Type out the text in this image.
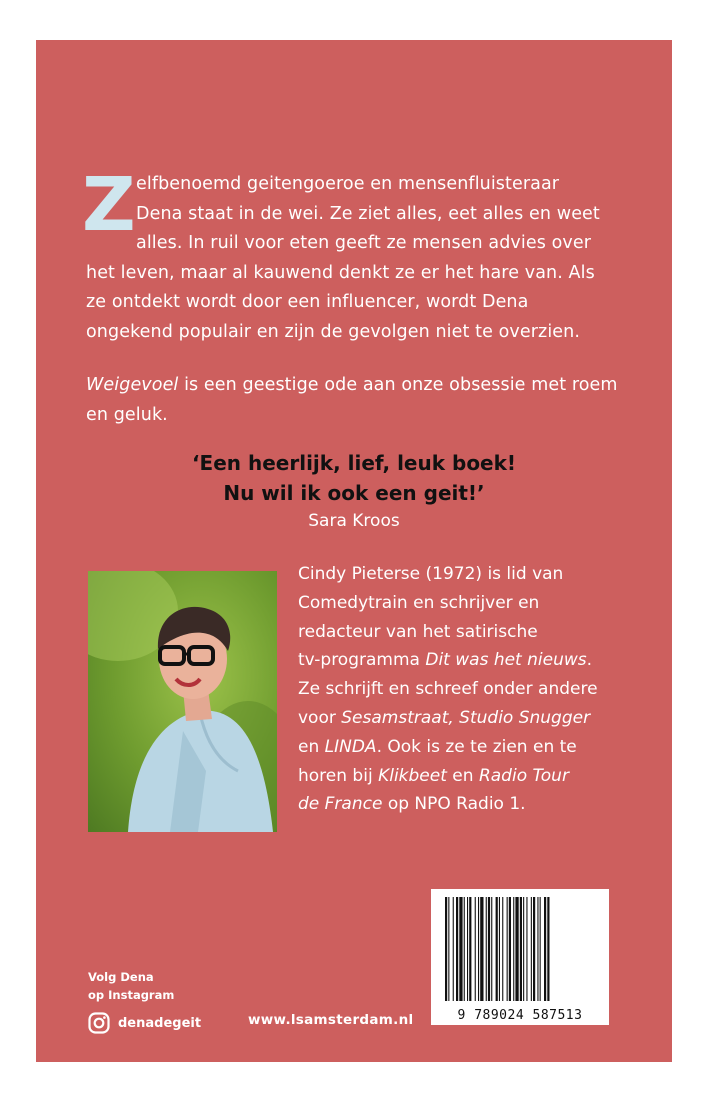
Z elfbenoemd geitengoeroe en mensenfluisteraar
Dena staat in de wei. Ze ziet alles, eet alles en weet
alles. In ruil voor eten geeft ze mensen advies over
het leven, maar al kauwend denkt ze er het hare van. Als
ze ontdekt wordt door een influencer, wordt Dena
ongekend populair en zijn de gevolgen niet te overzien.

Weigevoel is een geestige ode aan onze obsessie met roem
en geluk.

‘Een heerlijk, lief, leuk boek!
Nu wil ik ook een geit!’
Sara Kroos

Cindy Pieterse (1972) is lid van
Comedytrain en schrijver en
redacteur van het satirische
tv-programma Dit was het nieuws.
Ze schrijft en schreef onder andere
voor Sesamstraat, Studio Snugger
en LINDA. Ook is ze te zien en te
horen bij Klikbeet en Radio Tour
de France op NPO Radio 1.

9 789024 587513
Volg Dena
op Instagram
denadegeit	www.lsamsterdam.nl
